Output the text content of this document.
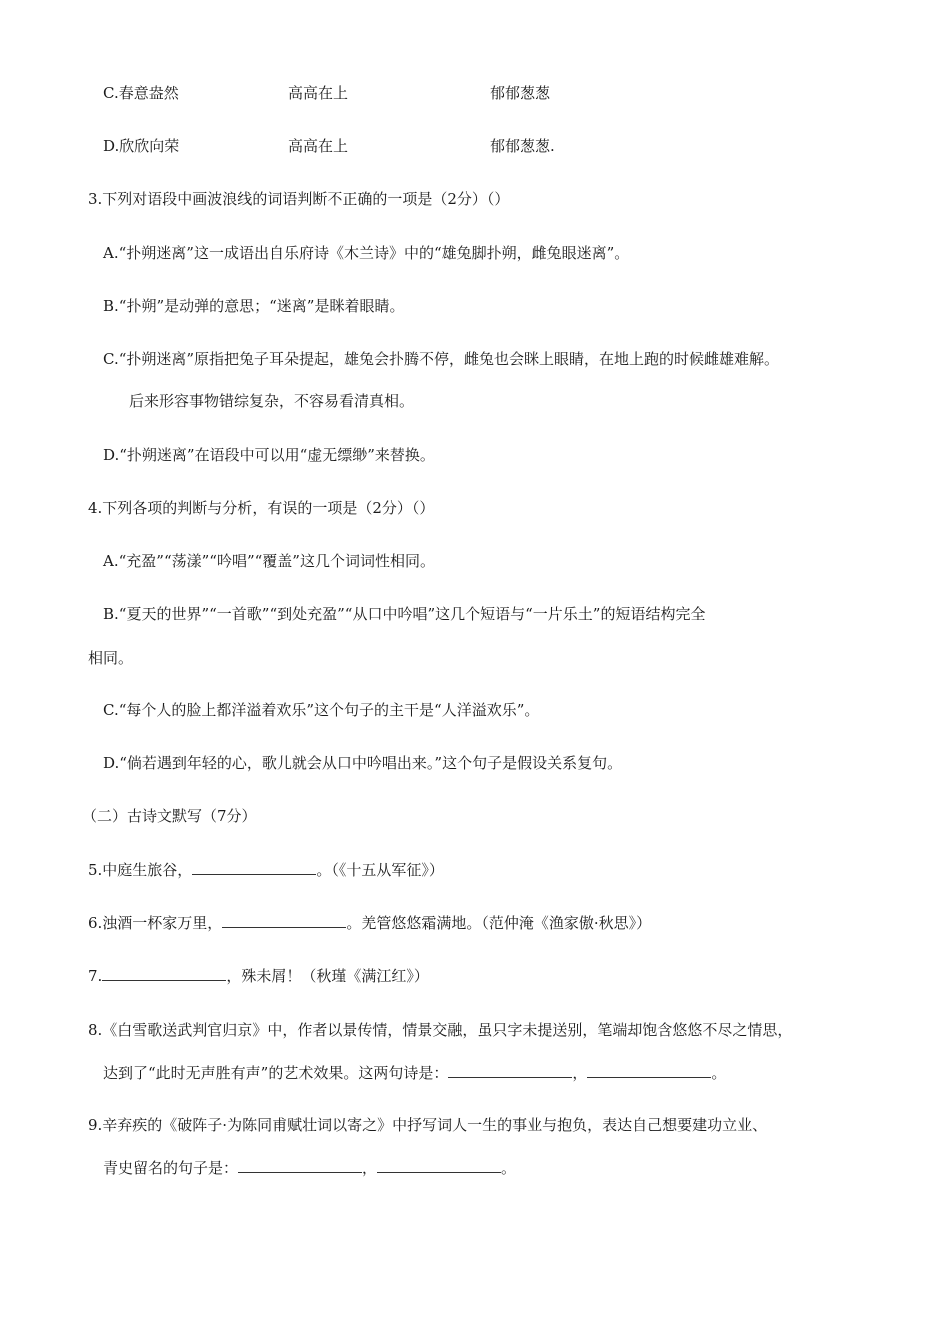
C.春意盎然	高高在上	郁郁葱葱
D.欣欣向荣	高高在上	郁郁葱葱.
3.下列对语段中画波浪线的词语判断不正确的一项是（2分）（）
A.“扑朔迷离”这一成语出自乐府诗《木兰诗》中的“雄兔脚扑朔，雌兔眼迷离”。
B.“扑朔”是动弹的意思；“迷离”是眯着眼睛。
C.“扑朔迷离”原指把兔子耳朵提起，雄兔会扑腾不停，雌兔也会眯上眼睛，在地上跑的时候雌雄难解。
后来形容事物错综复杂，不容易看清真相。
D.“扑朔迷离”在语段中可以用“虚无缥缈”来替换。
4.下列各项的判断与分析，有误的一项是（2分）（）
A.“充盈”“荡漾”“吟唱”“覆盖”这几个词词性相同。
B.“夏天的世界”“一首歌”“到处充盈”“从口中吟唱”这几个短语与“一片乐土”的短语结构完全
相同。
C.“每个人的脸上都洋溢着欢乐”这个句子的主干是“人洋溢欢乐”。
D.“倘若遇到年轻的心，歌儿就会从口中吟唱出来。”这个句子是假设关系复句。
（二）古诗文默写（7分）
5.中庭生旅谷，	。（《十五从军征》）
6.浊酒一杯家万里，	。羌管悠悠霜满地。（范仲淹《渔家傲·秋思》）
7.	，殊未屑！（秋瑾《满江红》）
8.《白雪歌送武判官归京》中，作者以景传情，情景交融，虽只字未提送别，笔端却饱含悠悠不尽之情思，
达到了“此时无声胜有声”的艺术效果。这两句诗是：	，	。
9.辛弃疾的《破阵子·为陈同甫赋壮词以寄之》中抒写词人一生的事业与抱负，表达自己想要建功立业、
青史留名的句子是：	，	。
